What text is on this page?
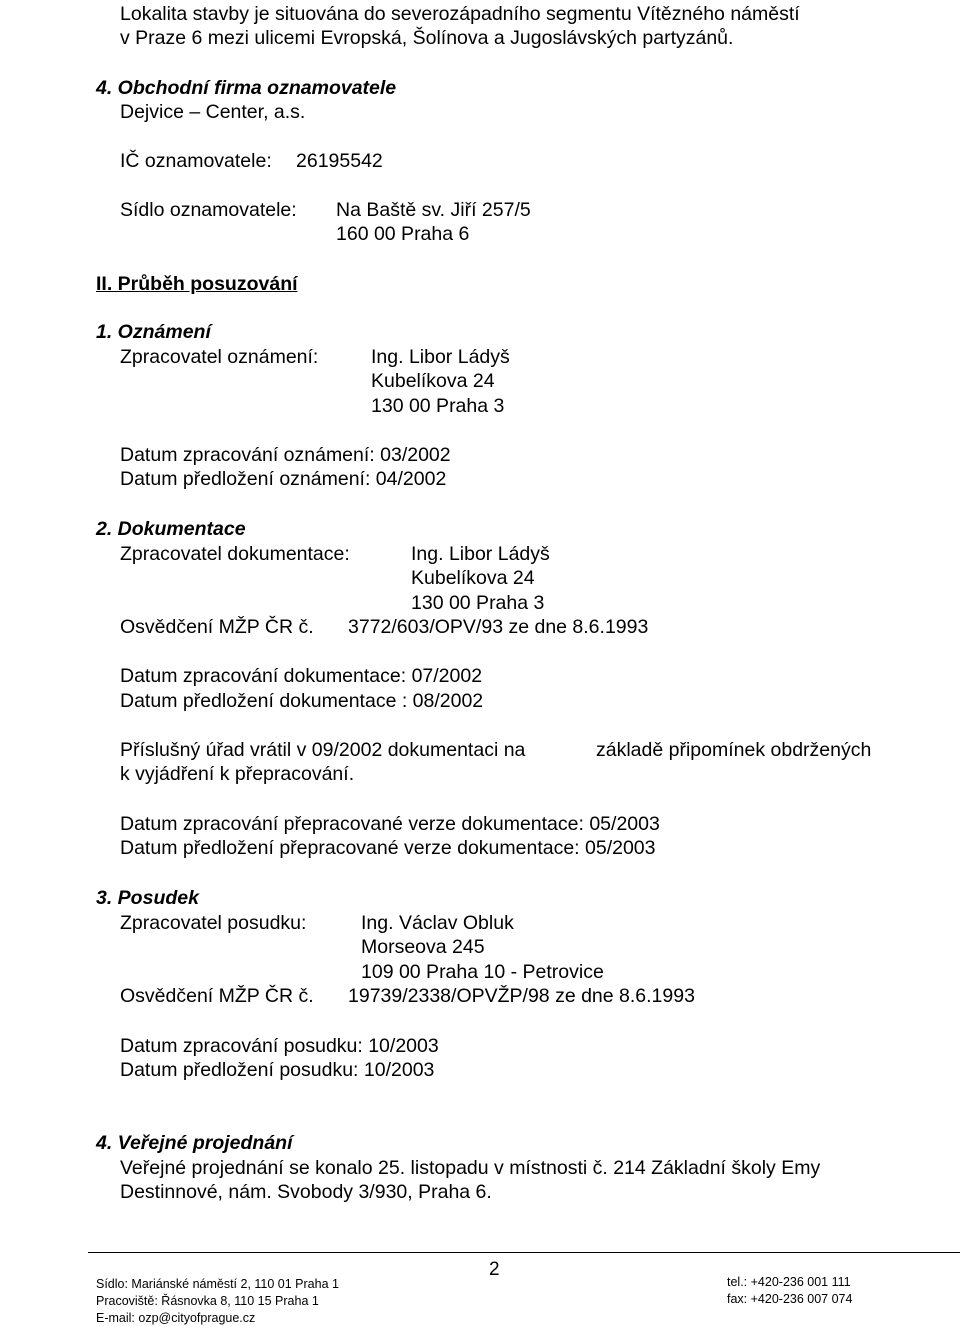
Lokalita stavby je situována do severozápadního segmentu Vítězného náměstí
v Praze 6 mezi ulicemi Evropská, Šolínova a Jugoslávských partyzánů.
4. Obchodní firma oznamovatele
Dejvice – Center, a.s.
IČ oznamovatele: 26195542
Sídlo oznamovatele: Na Baště sv. Jiří 257/5
160 00 Praha 6
II. Průběh posuzování
1. Oznámení
Zpracovatel oznámení:	Ing. Libor Ládyš
Kubelíkova 24
130 00 Praha 3
Datum zpracování oznámení: 03/2002
Datum předložení oznámení: 04/2002
2. Dokumentace
Zpracovatel dokumentace:	Ing. Libor Ládyš
Kubelíkova 24
130 00 Praha 3
Osvědčení MŽP ČR č. 3772/603/OPV/93 ze dne 8.6.1993
Datum zpracování dokumentace: 07/2002
Datum předložení dokumentace : 08/2002
Příslušný úřad vrátil v 09/2002 dokumentaci na	základě připomínek obdržených
k vyjádření k přepracování.
Datum zpracování přepracované verze dokumentace: 05/2003
Datum předložení přepracované verze dokumentace: 05/2003
3. Posudek
Zpracovatel posudku:	Ing. Václav Obluk
Morseova 245
109 00 Praha 10 - Petrovice
Osvědčení MŽP ČR č. 19739/2338/OPVŽP/98 ze dne 8.6.1993
Datum zpracování posudku: 10/2003
Datum předložení posudku: 10/2003
4. Veřejné projednání
Veřejné projednání se konalo 25. listopadu v místnosti č. 214 Základní školy Emy
Destinnové, nám. Svobody 3/930, Praha 6.
2
Sídlo: Mariánské náměstí 2, 110 01 Praha 1
Pracoviště: Řásnovka 8, 110 15 Praha 1
E-mail: ozp@cityofprague.cz
tel.: +420-236 001 111
fax: +420-236 007 074
